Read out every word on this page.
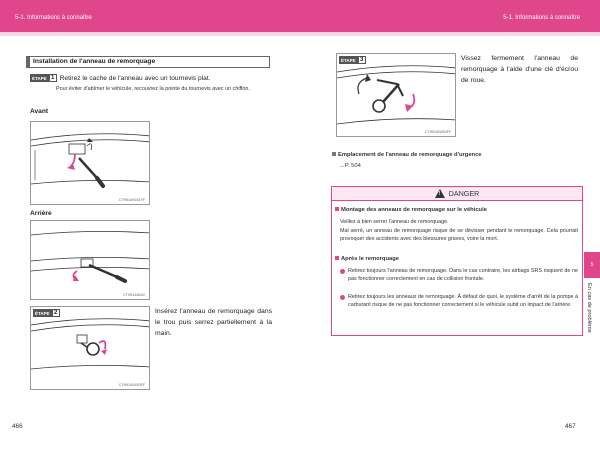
5-1. Informations à connaître	5-1. Informations à connaître
Installation de l'anneau de remorquage
ÉTAPE 1 Retirez le cache de l'anneau avec un tournevis plat.
Pour éviter d'abîmer le véhicule, recouvrez la pointe du tournevis avec un chiffon.
Avant
CTH51AN001FF
Arrière
CTH51AN002
CTH51AN003FF
ÉTAPE 2	Insérez l'anneau de remorquage dans le trou puis serrez partiellement à la main.
CTH51AN004FF
ÉTAPE 3	Vissez fermement l'anneau de remorquage à l'aide d'une clé d'écrou de roue.
Emplacement de l'anneau de remorquage d'urgence
→P. 504
! DANGER
Montage des anneaux de remorquage sur le véhicule
Veillez à bien serrer l'anneau de remorquage.
Mal serré, un anneau de remorquage risque de se dévisser pendant le remorquage. Cela pourrait provoquer des accidents avec des blessures graves, voire la mort.
Après le remorquage
Retirez toujours l'anneau de remorquage. Dans le cas contraire, les airbags SRS risquent de ne pas fonctionner correctement en cas de collision frontale.
Retirez toujours les anneaux de remorquage. À défaut de quoi, le système d'arrêt de la pompe à carburant risque de ne pas fonctionner correctement si le véhicule subit un impact de l'arrière.
5
En cas de problème
466	467
